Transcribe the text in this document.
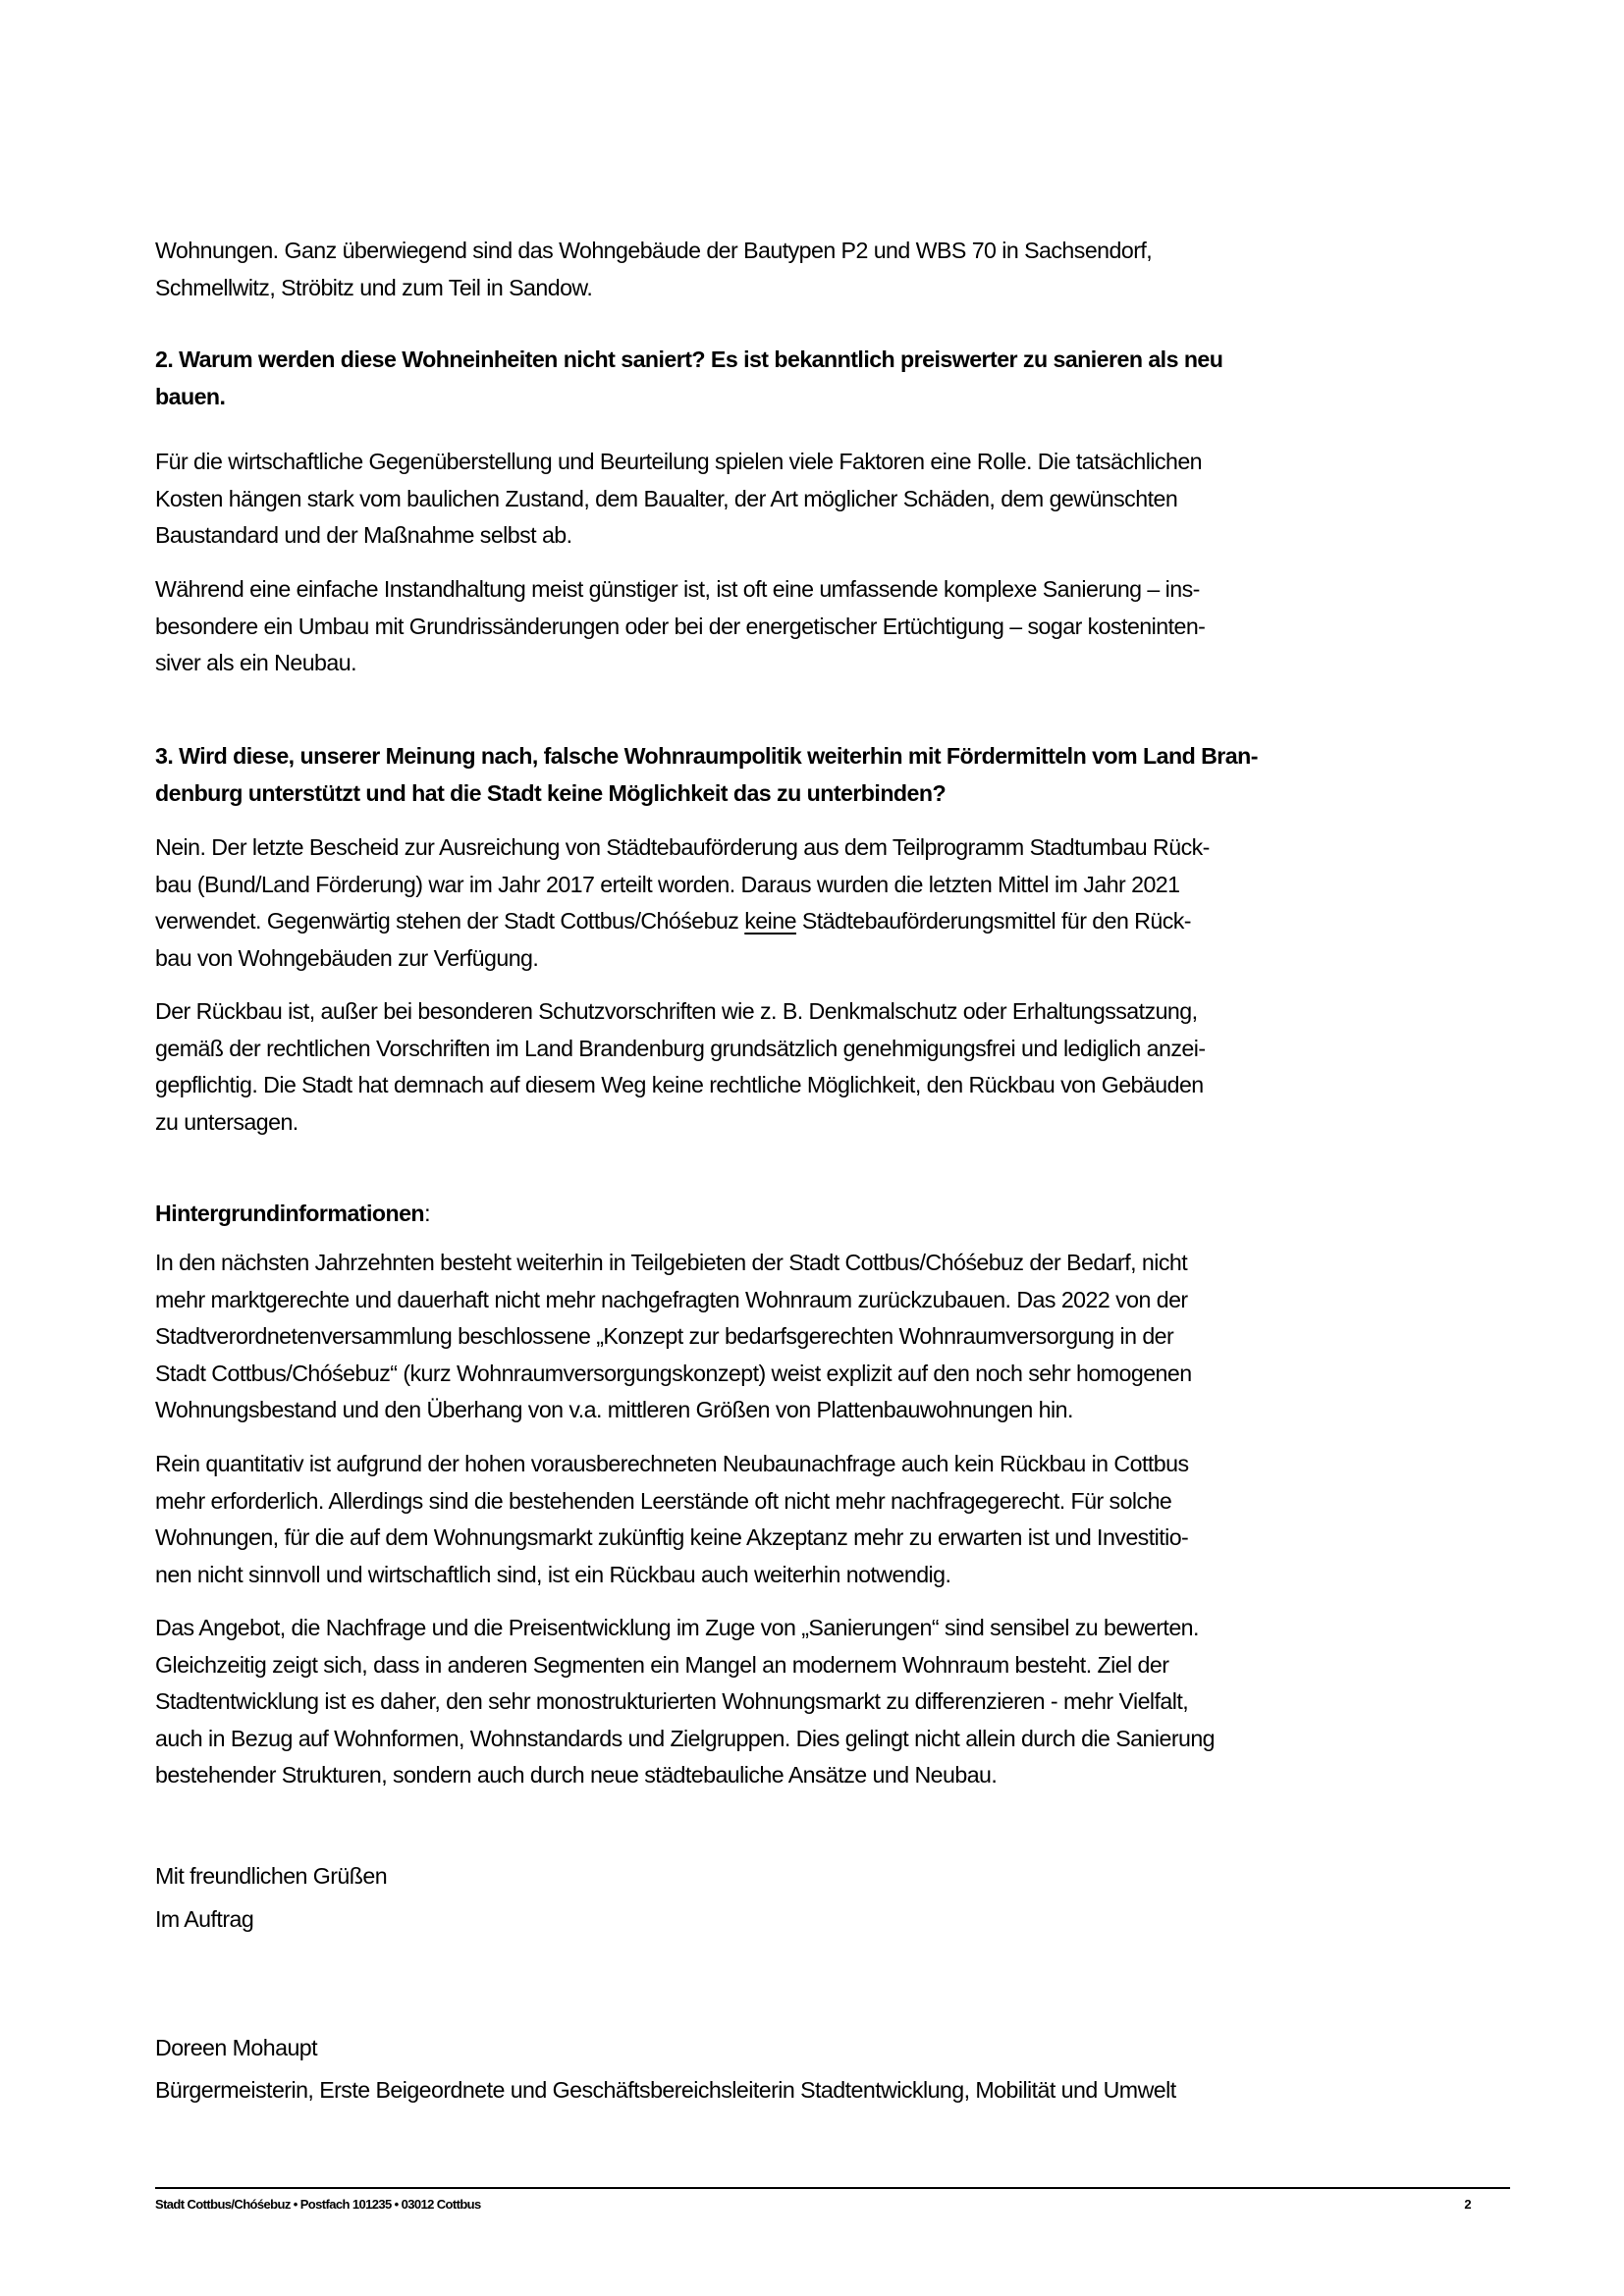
Wohnungen. Ganz überwiegend sind das Wohngebäude der Bautypen P2 und WBS 70 in Sachsendorf,
Schmellwitz, Ströbitz und zum Teil in Sandow.

2. Warum werden diese Wohneinheiten nicht saniert? Es ist bekanntlich preiswerter zu sanieren als neu
bauen.

Für die wirtschaftliche Gegenüberstellung und Beurteilung spielen viele Faktoren eine Rolle. Die tatsächlichen
Kosten hängen stark vom baulichen Zustand, dem Baualter, der Art möglicher Schäden, dem gewünschten
Baustandard und der Maßnahme selbst ab.

Während eine einfache Instandhaltung meist günstiger ist, ist oft eine umfassende komplexe Sanierung – ins-
besondere ein Umbau mit Grundrissänderungen oder bei der energetischer Ertüchtigung – sogar kosteninten-
siver als ein Neubau.

3. Wird diese, unserer Meinung nach, falsche Wohnraumpolitik weiterhin mit Fördermitteln vom Land Bran-
denburg unterstützt und hat die Stadt keine Möglichkeit das zu unterbinden?

Nein. Der letzte Bescheid zur Ausreichung von Städtebauförderung aus dem Teilprogramm Stadtumbau Rück-
bau (Bund/Land Förderung) war im Jahr 2017 erteilt worden. Daraus wurden die letzten Mittel im Jahr 2021
verwendet. Gegenwärtig stehen der Stadt Cottbus/Chóśebuz keine Städtebauförderungsmittel für den Rück-
bau von Wohngebäuden zur Verfügung.

Der Rückbau ist, außer bei besonderen Schutzvorschriften wie z. B. Denkmalschutz oder Erhaltungssatzung,
gemäß der rechtlichen Vorschriften im Land Brandenburg grundsätzlich genehmigungsfrei und lediglich anzei-
gepflichtig. Die Stadt hat demnach auf diesem Weg keine rechtliche Möglichkeit, den Rückbau von Gebäuden
zu untersagen.

Hintergrundinformationen:

In den nächsten Jahrzehnten besteht weiterhin in Teilgebieten der Stadt Cottbus/Chóśebuz der Bedarf, nicht
mehr marktgerechte und dauerhaft nicht mehr nachgefragten Wohnraum zurückzubauen. Das 2022 von der
Stadtverordnetenversammlung beschlossene „Konzept zur bedarfsgerechten Wohnraumversorgung in der
Stadt Cottbus/Chóśebuz“ (kurz Wohnraumversorgungskonzept) weist explizit auf den noch sehr homogenen
Wohnungsbestand und den Überhang von v.a. mittleren Größen von Plattenbauwohnungen hin.

Rein quantitativ ist aufgrund der hohen vorausberechneten Neubaunachfrage auch kein Rückbau in Cottbus
mehr erforderlich. Allerdings sind die bestehenden Leerstände oft nicht mehr nachfragegerecht. Für solche
Wohnungen, für die auf dem Wohnungsmarkt zukünftig keine Akzeptanz mehr zu erwarten ist und Investitio-
nen nicht sinnvoll und wirtschaftlich sind, ist ein Rückbau auch weiterhin notwendig.

Das Angebot, die Nachfrage und die Preisentwicklung im Zuge von „Sanierungen“ sind sensibel zu bewerten.
Gleichzeitig zeigt sich, dass in anderen Segmenten ein Mangel an modernem Wohnraum besteht. Ziel der
Stadtentwicklung ist es daher, den sehr monostrukturierten Wohnungsmarkt zu differenzieren - mehr Vielfalt,
auch in Bezug auf Wohnformen, Wohnstandards und Zielgruppen. Dies gelingt nicht allein durch die Sanierung
bestehender Strukturen, sondern auch durch neue städtebauliche Ansätze und Neubau.

Mit freundlichen Grüßen

Im Auftrag

Doreen Mohaupt

Bürgermeisterin, Erste Beigeordnete und Geschäftsbereichsleiterin Stadtentwicklung, Mobilität und Umwelt

Stadt Cottbus/Chóśebuz • Postfach 101235 • 03012 Cottbus	2
